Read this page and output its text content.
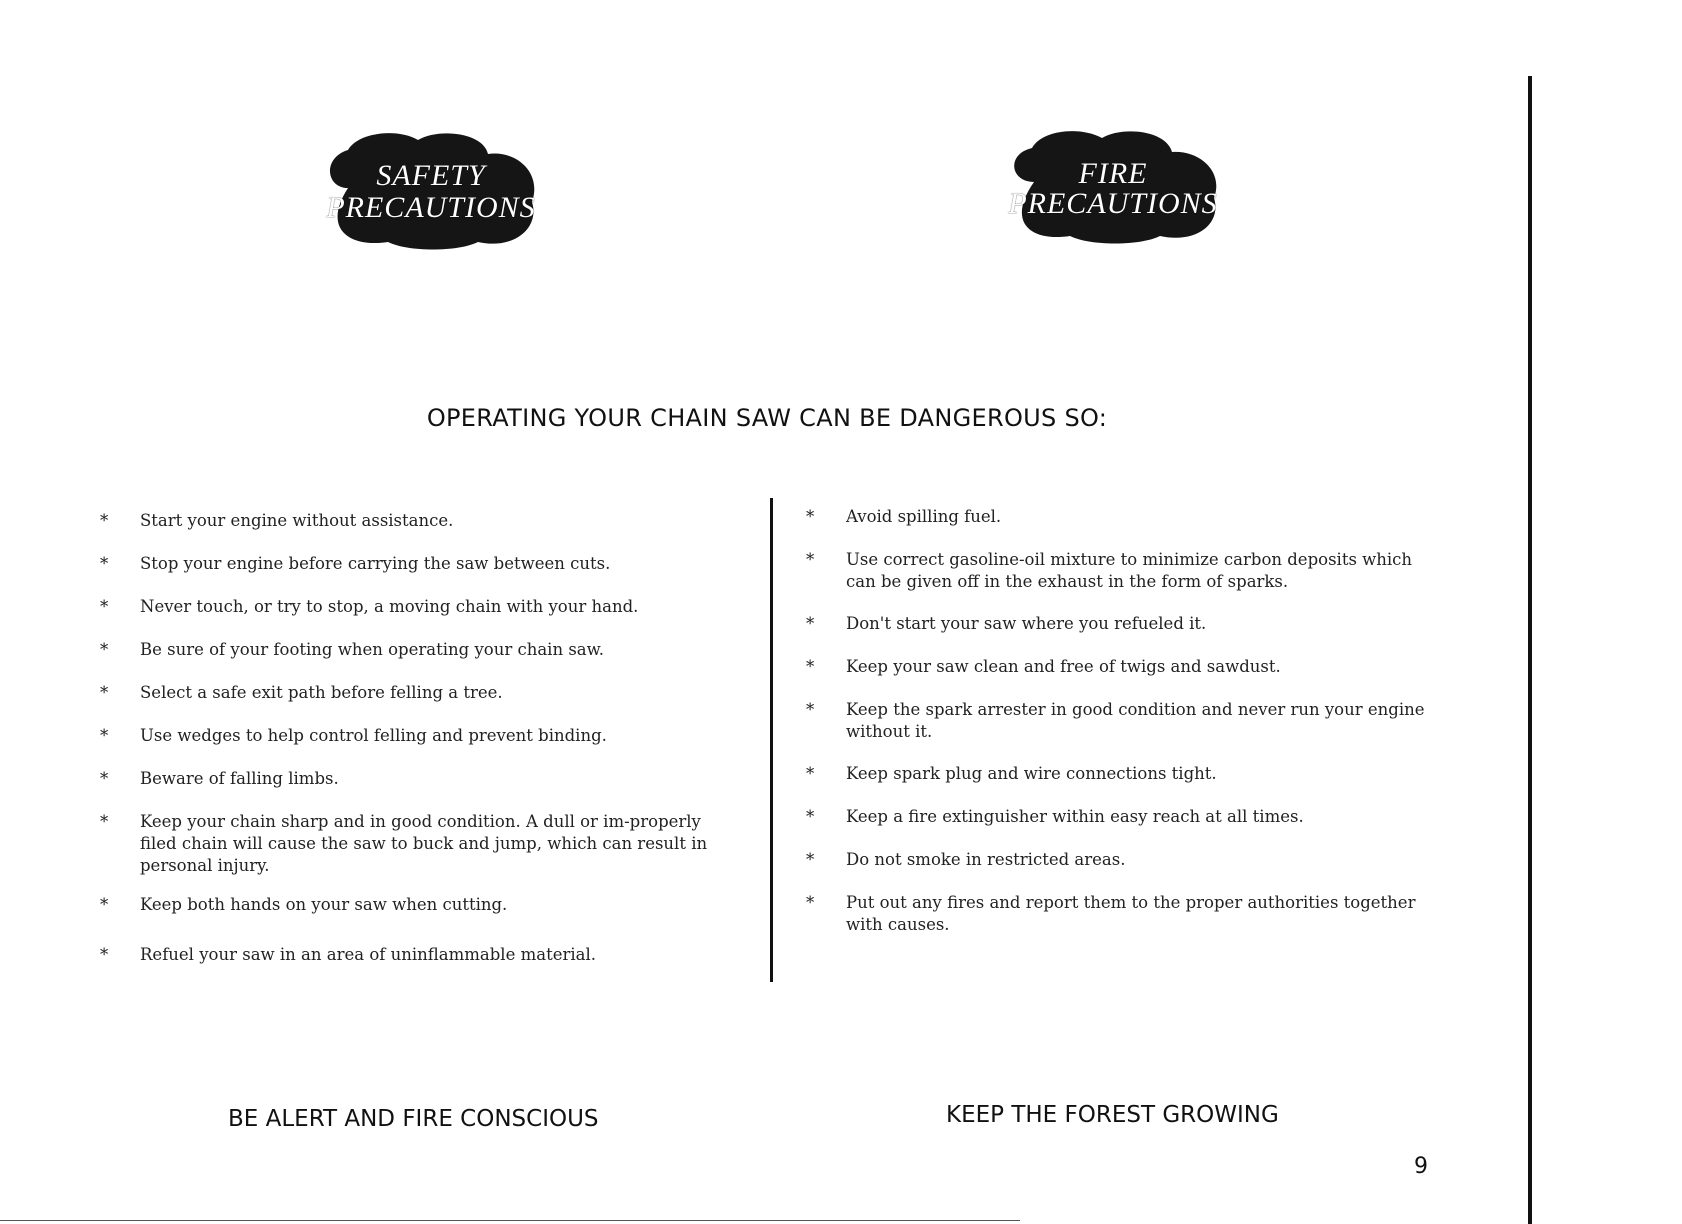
SAFETY
PRECAUTIONS
FIRE
PRECAUTIONS
OPERATING YOUR CHAIN SAW CAN BE DANGEROUS SO:
*	Start your engine without assistance.
*	Stop your engine before carrying the saw between cuts.
*	Never touch, or try to stop, a moving chain with your hand.
*	Be sure of your footing when operating your chain saw.
*	Select a safe exit path before felling a tree.
*	Use wedges to help control felling and prevent binding.
*	Beware of falling limbs.
*	Keep your chain sharp and in good condition. A dull or im-properly filed chain will cause the saw to buck and jump, which can result in personal injury.
*	Keep both hands on your saw when cutting.
*	Refuel your saw in an area of uninflammable material.
*	Avoid spilling fuel.
*	Use correct gasoline-oil mixture to minimize carbon deposits which can be given off in the exhaust in the form of sparks.
*	Don't start your saw where you refueled it.
*	Keep your saw clean and free of twigs and sawdust.
*	Keep the spark arrester in good condition and never run your engine without it.
*	Keep spark plug and wire connections tight.
*	Keep a fire extinguisher within easy reach at all times.
*	Do not smoke in restricted areas.
*	Put out any fires and report them to the proper authorities together with causes.
BE ALERT AND FIRE CONSCIOUS	KEEP THE FOREST GROWING
9
